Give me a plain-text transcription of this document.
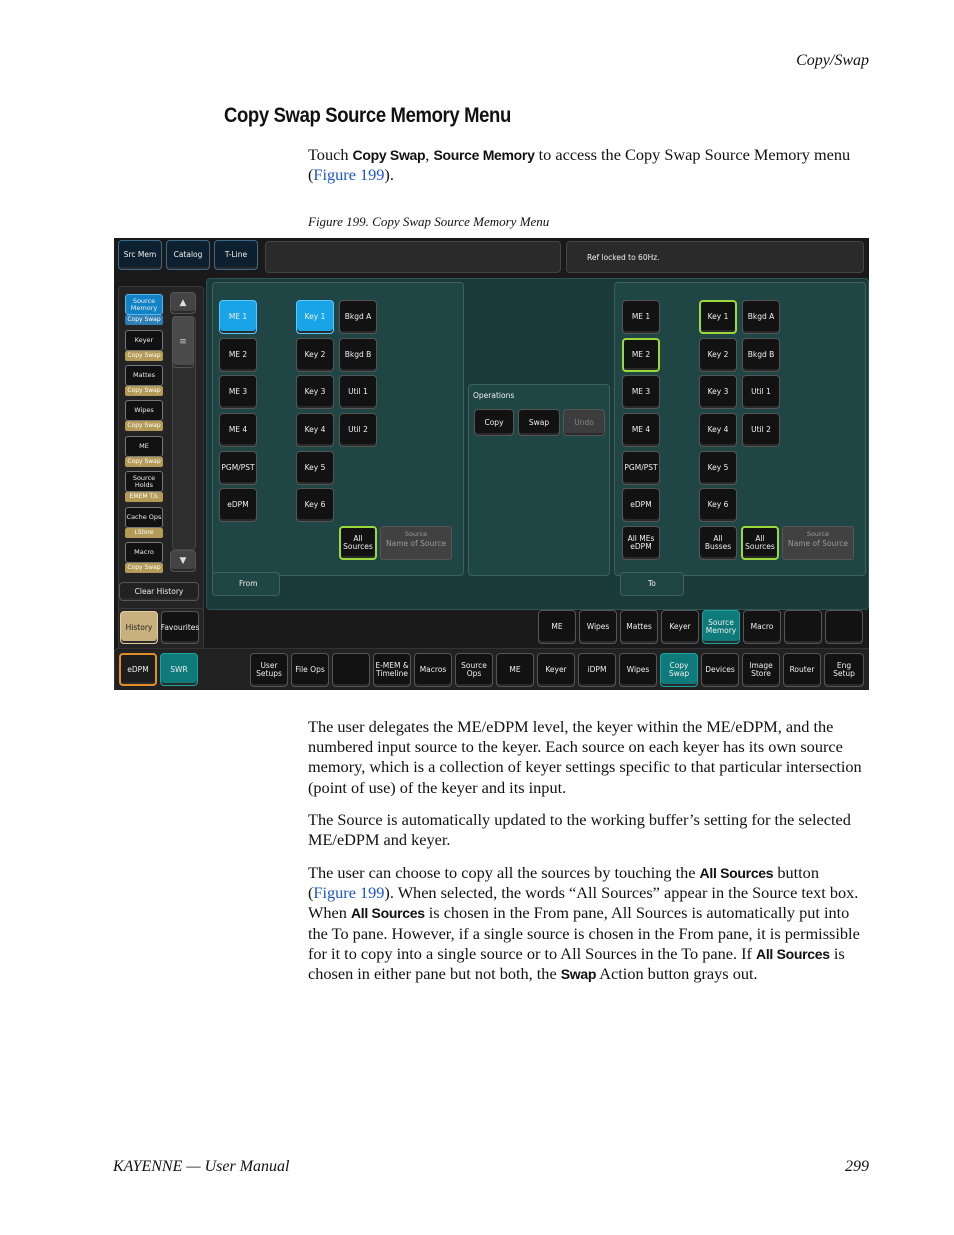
Copy/Swap
Copy Swap Source Memory Menu
Touch Copy Swap, Source Memory to access the Copy Swap Source Memory menu (Figure 199).
Figure 199. Copy Swap Source Memory Menu
Src Mem	Catalog	T-Line	Ref locked to 60Hz.
Source
Memory
Copy Swap
Keyer
Copy Swap
Mattes
Copy Swap
Wipes
Copy Swap
ME
Copy Swap
Source
Holds
EMEM T/L
Cache Ops
LStore
Macro
Copy Swap
▲
≡
▼
Clear History
History	Favourites
From
ME 1
ME 2
ME 3
ME 4
PGM/PST
eDPM
Key 1
Key 2
Key 3
Key 4
Key 5
Key 6
Bkgd A
Bkgd B
Util 1
Util 2
All
Sources
Source
Name of Source
Operations
Copy	Swap	Undo
To
ME 1
ME 2
ME 3
ME 4
PGM/PST
eDPM
All MEs
eDPM
Key 1
Key 2
Key 3
Key 4
Key 5
Key 6
Bkgd A
Bkgd B
Util 1
Util 2
All
Busses
All
Sources
Source
Name of Source
ME	Wipes	Mattes	Keyer	Source
Memory	Macro
eDPM	SWR	User
Setups	File Ops	E-MEM &
Timeline	Macros	Source
Ops	ME	Keyer	iDPM	Wipes	Copy
Swap	Devices	Image
Store	Router	Eng
Setup
The user delegates the ME/eDPM level, the keyer within the ME/eDPM, and the numbered input source to the keyer. Each source on each keyer has its own source memory, which is a collection of keyer settings specific to that particular intersection (point of use) of the keyer and its input.
The Source is automatically updated to the working buffer’s setting for the selected ME/eDPM and keyer.
The user can choose to copy all the sources by touching the All Sources button (Figure 199). When selected, the words “All Sources” appear in the Source text box. When All Sources is chosen in the From pane, All Sources is automatically put into the To pane. However, if a single source is chosen in the From pane, it is permissible for it to copy into a single source or to All Sources in the To pane. If All Sources is chosen in either pane but not both, the Swap Action button grays out.
KAYENNE — User Manual	299
